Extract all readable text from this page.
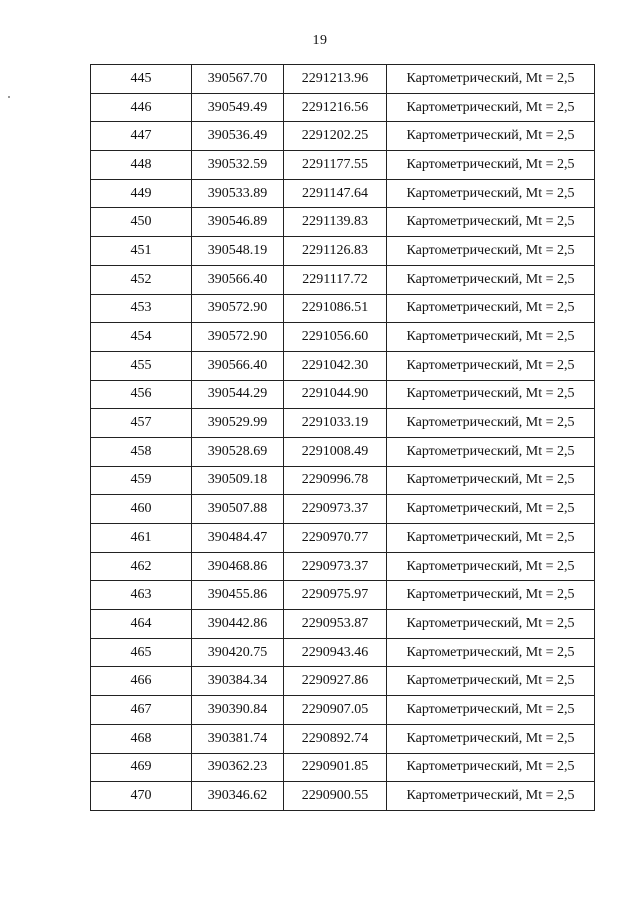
19
445	390567.70	2291213.96	Картометрический, Mt = 2,5
446	390549.49	2291216.56	Картометрический, Mt = 2,5
447	390536.49	2291202.25	Картометрический, Mt = 2,5
448	390532.59	2291177.55	Картометрический, Mt = 2,5
449	390533.89	2291147.64	Картометрический, Mt = 2,5
450	390546.89	2291139.83	Картометрический, Mt = 2,5
451	390548.19	2291126.83	Картометрический, Mt = 2,5
452	390566.40	2291117.72	Картометрический, Mt = 2,5
453	390572.90	2291086.51	Картометрический, Mt = 2,5
454	390572.90	2291056.60	Картометрический, Mt = 2,5
455	390566.40	2291042.30	Картометрический, Mt = 2,5
456	390544.29	2291044.90	Картометрический, Mt = 2,5
457	390529.99	2291033.19	Картометрический, Mt = 2,5
458	390528.69	2291008.49	Картометрический, Mt = 2,5
459	390509.18	2290996.78	Картометрический, Mt = 2,5
460	390507.88	2290973.37	Картометрический, Mt = 2,5
461	390484.47	2290970.77	Картометрический, Mt = 2,5
462	390468.86	2290973.37	Картометрический, Mt = 2,5
463	390455.86	2290975.97	Картометрический, Mt = 2,5
464	390442.86	2290953.87	Картометрический, Mt = 2,5
465	390420.75	2290943.46	Картометрический, Mt = 2,5
466	390384.34	2290927.86	Картометрический, Mt = 2,5
467	390390.84	2290907.05	Картометрический, Mt = 2,5
468	390381.74	2290892.74	Картометрический, Mt = 2,5
469	390362.23	2290901.85	Картометрический, Mt = 2,5
470	390346.62	2290900.55	Картометрический, Mt = 2,5
